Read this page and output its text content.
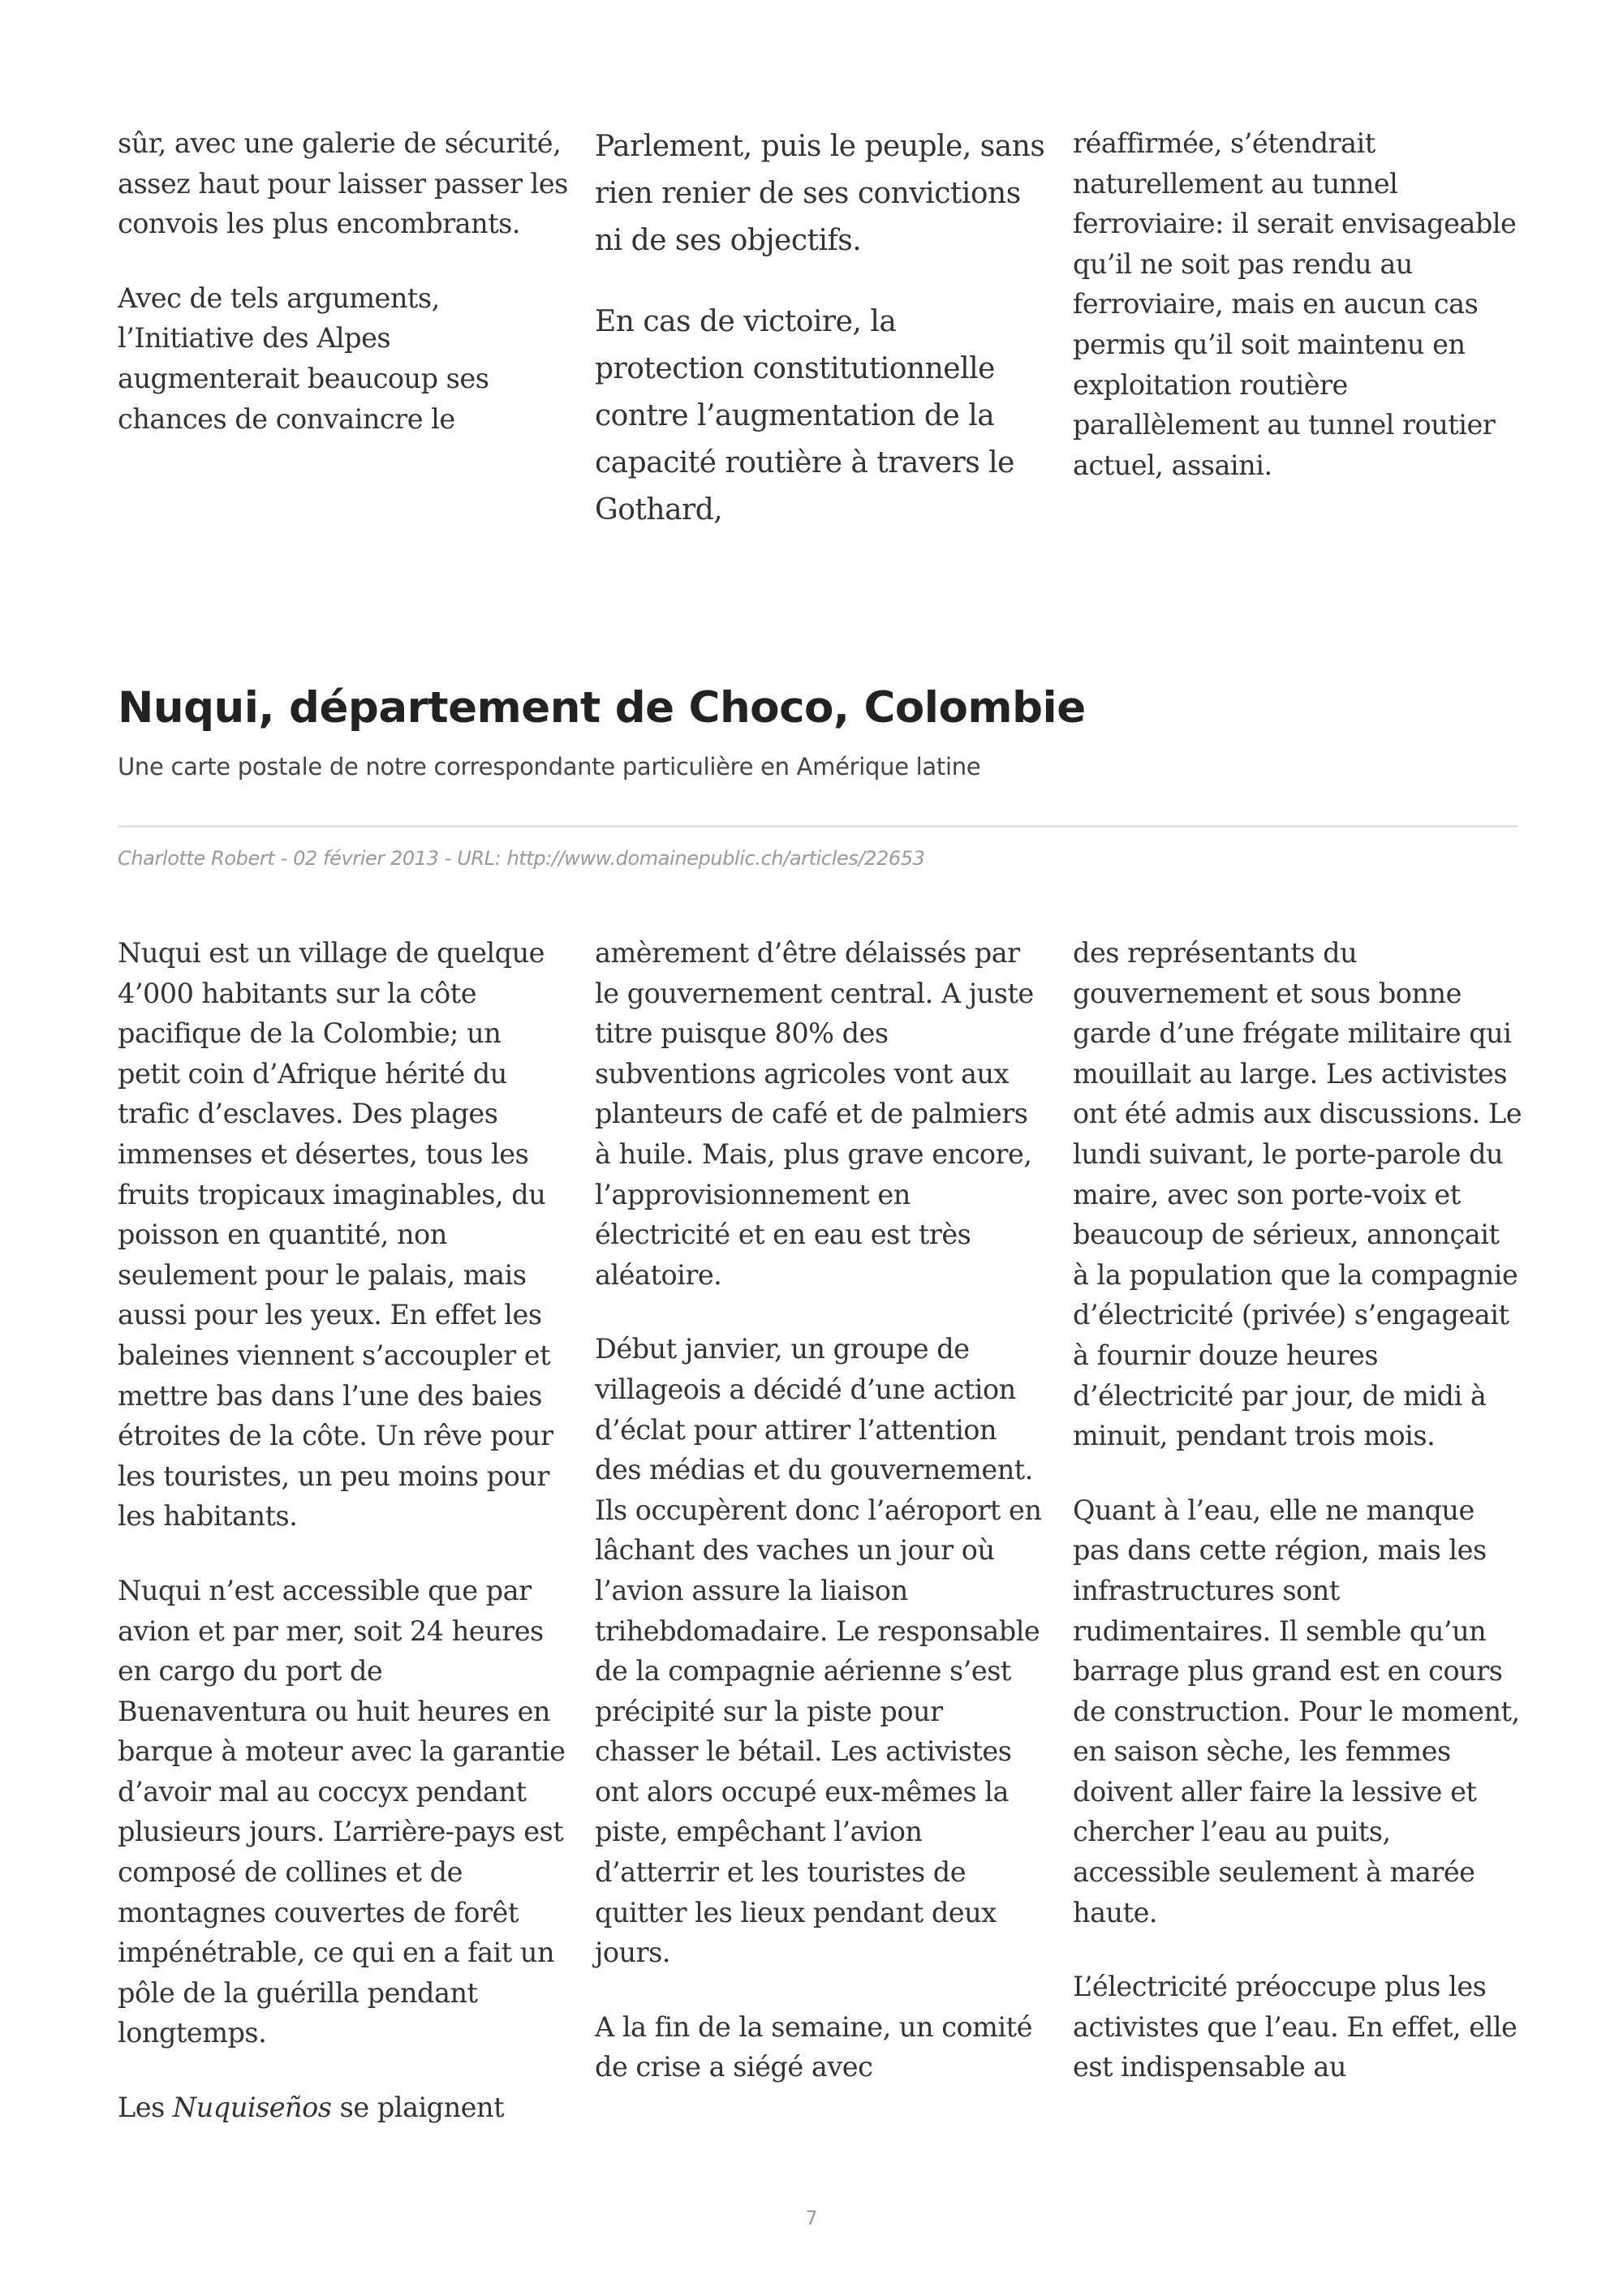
sûr, avec une galerie de sécurité, assez haut pour laisser passer les convois les plus encombrants.

Avec de tels arguments, l’Initiative des Alpes augmenterait beaucoup ses chances de convaincre le

Parlement, puis le peuple, sans rien renier de ses convictions ni de ses objectifs.

En cas de victoire, la protection constitutionnelle contre l’augmentation de la capacité routière à travers le Gothard,

réaffirmée, s’étendrait naturellement au tunnel ferroviaire: il serait envisageable qu’il ne soit pas rendu au ferroviaire, mais en aucun cas permis qu’il soit maintenu en exploitation routière parallèlement au tunnel routier actuel, assaini.

Nuqui, département de Choco, Colombie
Une carte postale de notre correspondante particulière en Amérique latine
Charlotte Robert - 02 février 2013 - URL: http://www.domainepublic.ch/articles/22653

Nuqui est un village de quelque 4’000 habitants sur la côte pacifique de la Colombie; un petit coin d’Afrique hérité du trafic d’esclaves. Des plages immenses et désertes, tous les fruits tropicaux imaginables, du poisson en quantité, non seulement pour le palais, mais aussi pour les yeux. En effet les baleines viennent s’accoupler et mettre bas dans l’une des baies étroites de la côte. Un rêve pour les touristes, un peu moins pour les habitants.

Nuqui n’est accessible que par avion et par mer, soit 24 heures en cargo du port de Buenaventura ou huit heures en barque à moteur avec la garantie d’avoir mal au coccyx pendant plusieurs jours. L’arrière-pays est composé de collines et de montagnes couvertes de forêt impénétrable, ce qui en a fait un pôle de la guérilla pendant longtemps.

Les Nuquiseños se plaignent

amèrement d’être délaissés par le gouvernement central. A juste titre puisque 80% des subventions agricoles vont aux planteurs de café et de palmiers à huile. Mais, plus grave encore, l’approvisionnement en électricité et en eau est très aléatoire.

Début janvier, un groupe de villageois a décidé d’une action d’éclat pour attirer l’attention des médias et du gouvernement. Ils occupèrent donc l’aéroport en lâchant des vaches un jour où l’avion assure la liaison trihebdomadaire. Le responsable de la compagnie aérienne s’est précipité sur la piste pour chasser le bétail. Les activistes ont alors occupé eux-mêmes la piste, empêchant l’avion d’atterrir et les touristes de quitter les lieux pendant deux jours.

A la fin de la semaine, un comité de crise a siégé avec

des représentants du gouvernement et sous bonne garde d’une frégate militaire qui mouillait au large. Les activistes ont été admis aux discussions. Le lundi suivant, le porte-parole du maire, avec son porte-voix et beaucoup de sérieux, annonçait à la population que la compagnie d’électricité (privée) s’engageait à fournir douze heures d’électricité par jour, de midi à minuit, pendant trois mois.

Quant à l’eau, elle ne manque pas dans cette région, mais les infrastructures sont rudimentaires. Il semble qu’un barrage plus grand est en cours de construction. Pour le moment, en saison sèche, les femmes doivent aller faire la lessive et chercher l’eau au puits, accessible seulement à marée haute.

L’électricité préoccupe plus les activistes que l’eau. En effet, elle est indispensable au

7
